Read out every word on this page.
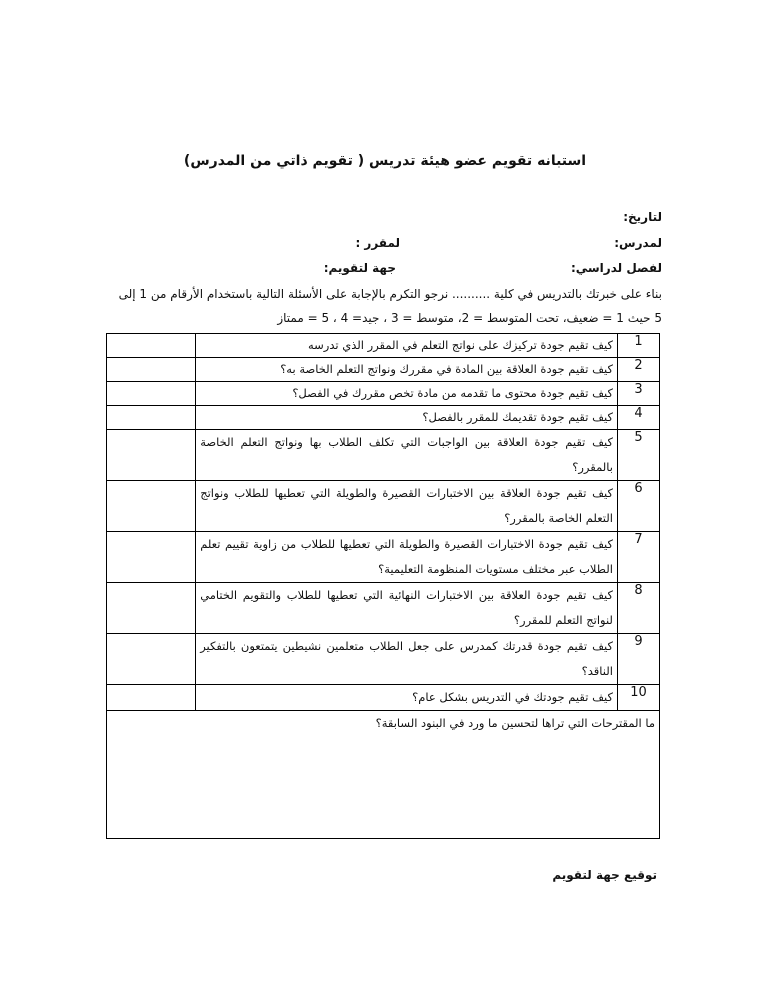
استبانه تقويم عضو هيئة تدريس ( تقويم ذاتي من المدرس)
لتاريخ:
لمدرس:
لمقرر :
لفصل لدراسي:
جهة لتقويم:
بناء على خبرتك بالتدريس في كلية .......... نرجو التكرم بالإجابة على الأسئلة التالية باستخدام الأرقام من 1 إلى
5 حيث 1 = ضعيف، تحت المتوسط = 2، متوسط = 3 ، جيد= 4 ، 5 = ممتاز
1	كيف تقيم جودة تركيزك على نواتج التعلم في المقرر الذي تدرسه	
2	كيف تقيم جودة العلاقة بين المادة في مقررك ونواتج التعلم الخاصة به؟	
3	كيف تقيم جودة محتوى ما تقدمه من مادة تخص مقررك في الفصل؟	
4	كيف تقيم جودة تقديمك للمقرر بالفصل؟	
5	كيف تقيم جودة العلاقة بين الواجبات التي تكلف الطلاب بها ونواتج التعلم الخاصة بالمقرر؟	
6	كيف تقيم جودة العلاقة بين الاختبارات القصيرة والطويلة التي تعطيها للطلاب ونواتج التعلم الخاصة بالمقرر؟	
7	كيف تقيم جودة الاختبارات القصيرة والطويلة التي تعطيها للطلاب من زاوية تقييم تعلم الطلاب عبر مختلف مستويات المنظومة التعليمية؟	
8	كيف تقيم جودة العلاقة بين الاختبارات النهائية التي تعطيها للطلاب والتقويم الختامي لنواتج التعلم للمقرر؟	
9	كيف تقيم جودة قدرتك كمدرس على جعل الطلاب متعلمين نشيطين يتمتعون بالتفكير الناقد؟	
10	كيف تقيم جودتك في التدريس بشكل عام؟	
ما المقترحات التي تراها لتحسين ما ورد في البنود السابقة؟		
توقيع جهة لتقويم
